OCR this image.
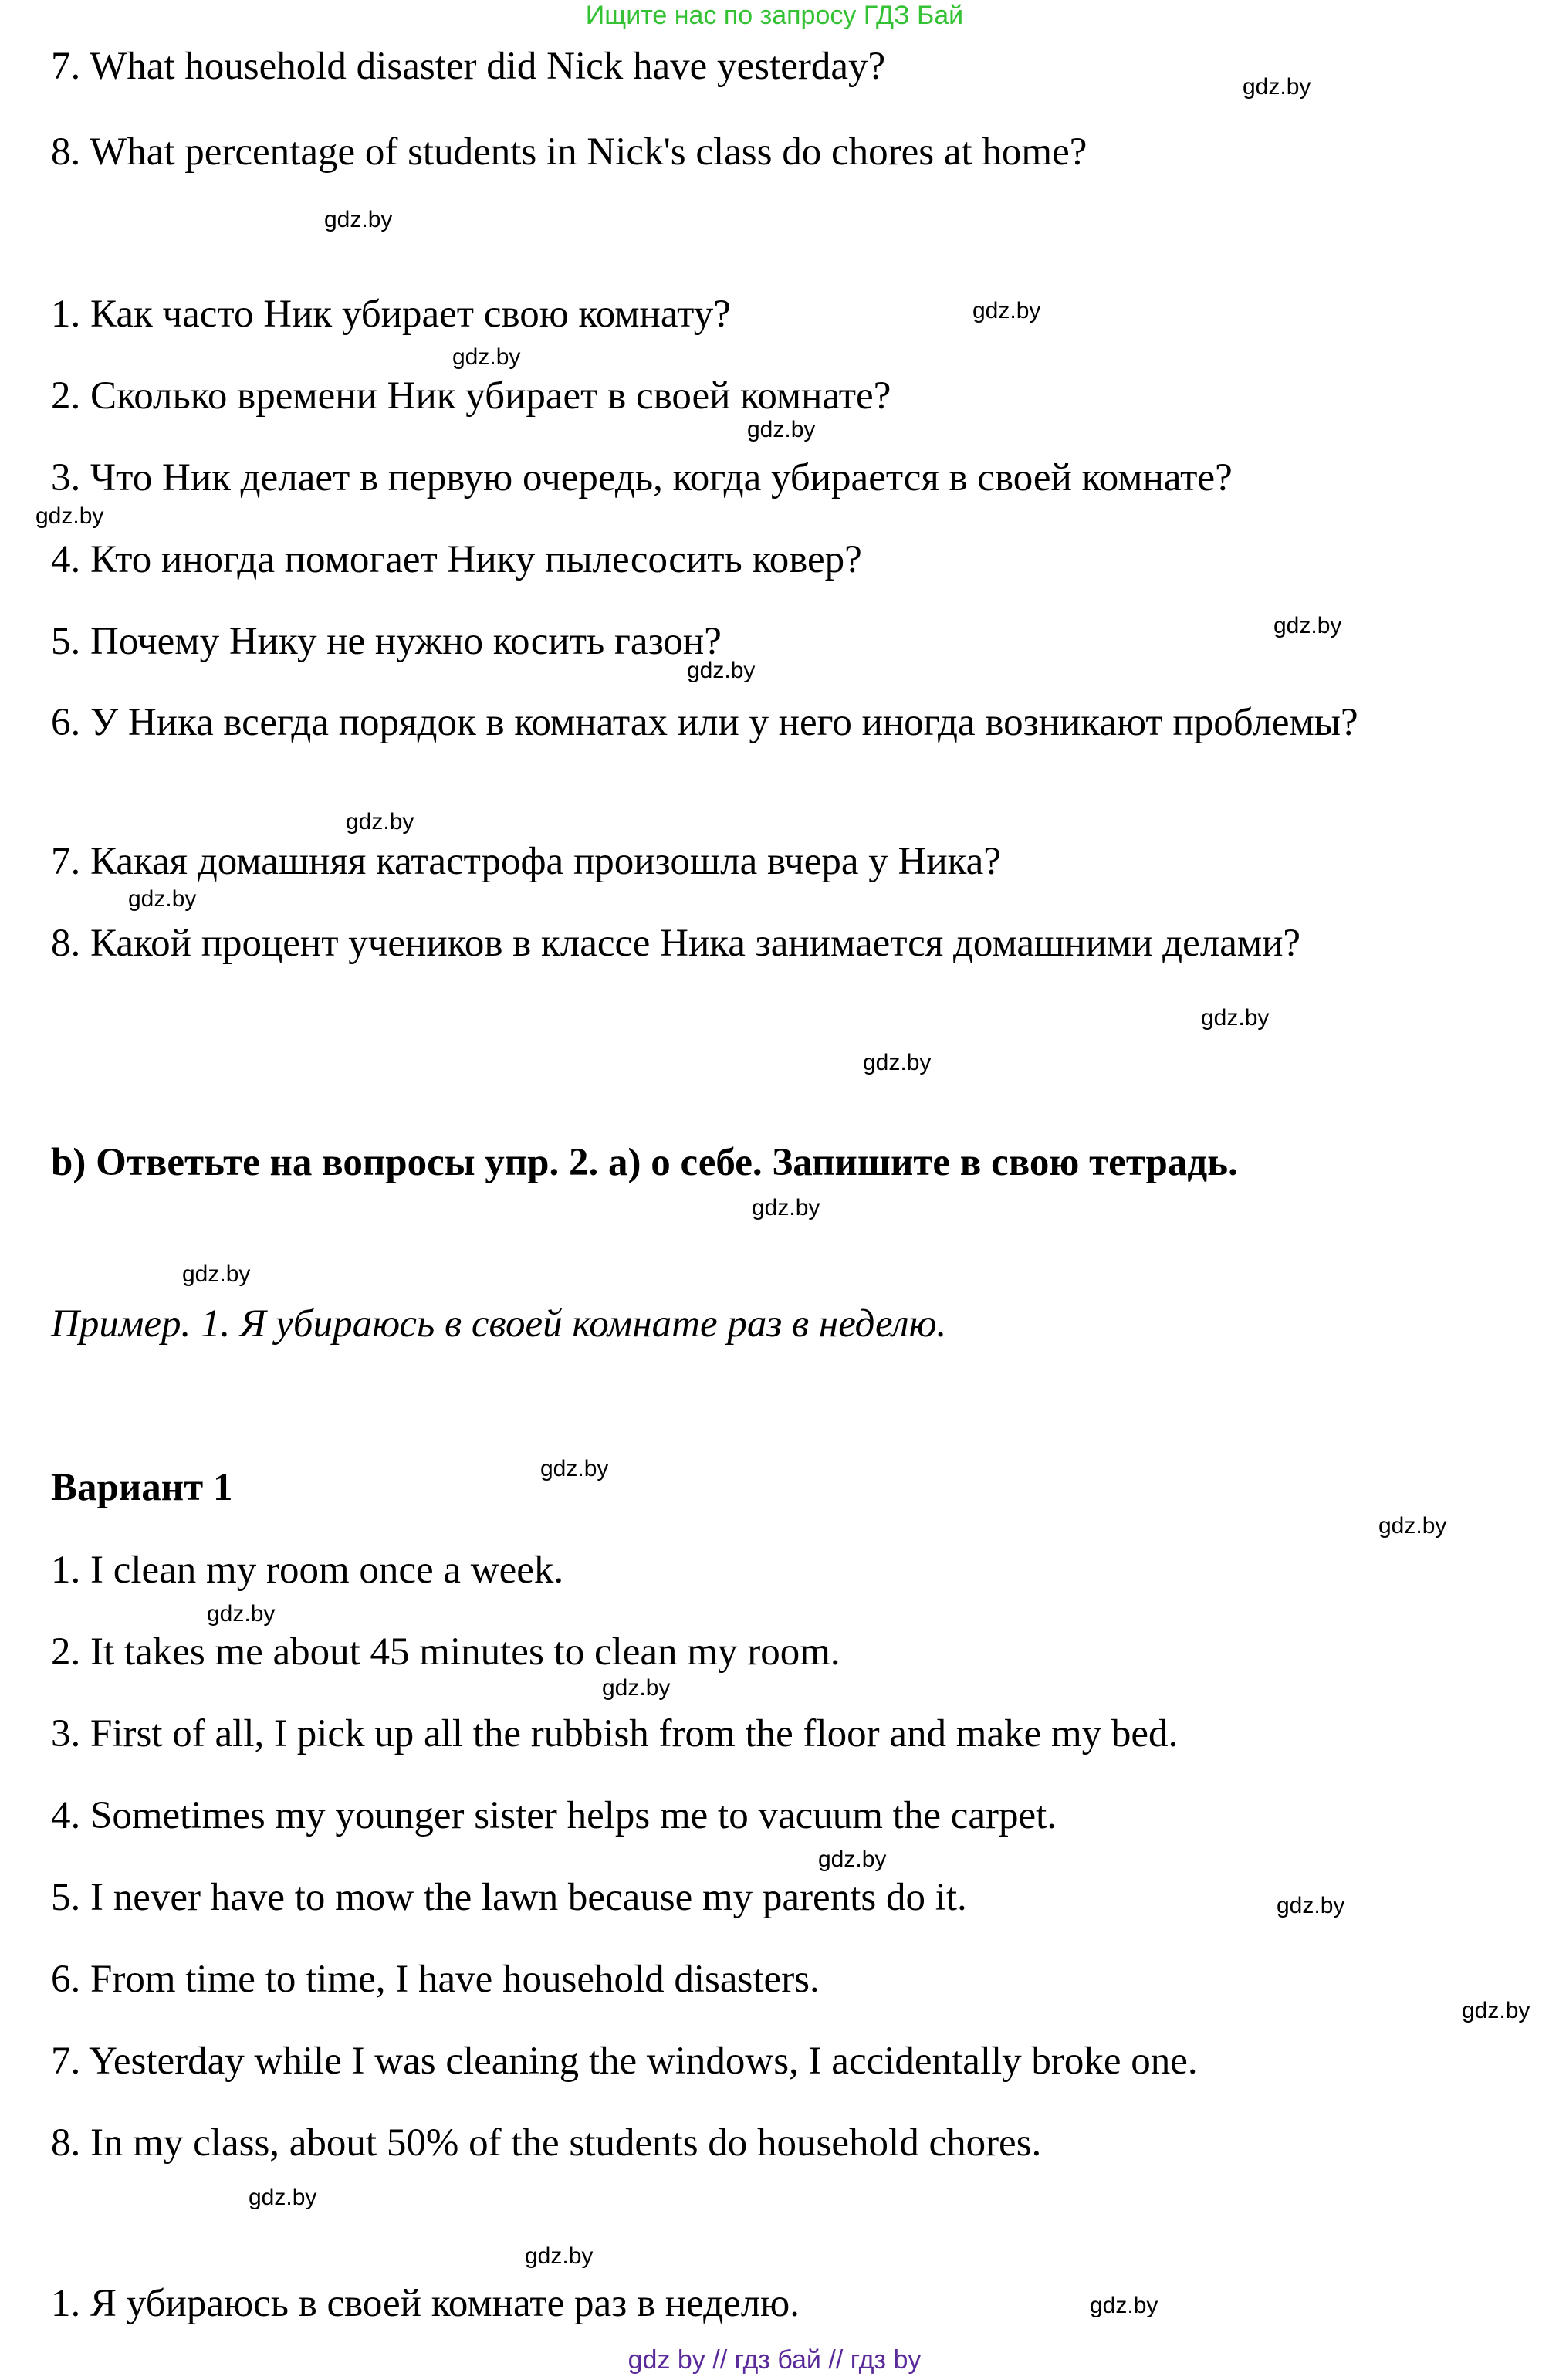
Ищите нас по запросу ГДЗ Бай
7. What household disaster did Nick have yesterday?
8. What percentage of students in Nick's class do chores at home?
1. Как часто Ник убирает свою комнату?
2. Сколько времени Ник убирает в своей комнате?
3. Что Ник делает в первую очередь, когда убирается в своей комнате?
4. Кто иногда помогает Нику пылесосить ковер?
5. Почему Нику не нужно косить газон?
6. У Ника всегда порядок в комнатах или у него иногда возникают проблемы?
7. Какая домашняя катастрофа произошла вчера у Ника?
8. Какой процент учеников в классе Ника занимается домашними делами?
b) Ответьте на вопросы упр. 2. a) о себе. Запишите в свою тетрадь.
Пример. 1. Я убираюсь в своей комнате раз в неделю.
Вариант 1
1. I clean my room once a week.
2. It takes me about 45 minutes to clean my room.
3. First of all, I pick up all the rubbish from the floor and make my bed.
4. Sometimes my younger sister helps me to vacuum the carpet.
5. I never have to mow the lawn because my parents do it.
6. From time to time, I have household disasters.
7. Yesterday while I was cleaning the windows, I accidentally broke one.
8. In my class, about 50% of the students do household chores.
1. Я убираюсь в своей комнате раз в неделю.
gdz.by
gdz.by
gdz.by
gdz.by
gdz.by
gdz.by
gdz.by
gdz.by
gdz.by
gdz.by
gdz.by
gdz.by
gdz.by
gdz.by
gdz.by
gdz.by
gdz.by
gdz.by
gdz.by
gdz.by
gdz.by
gdz.by
gdz.by
gdz.by
gdz by // гдз бай // гдз by
